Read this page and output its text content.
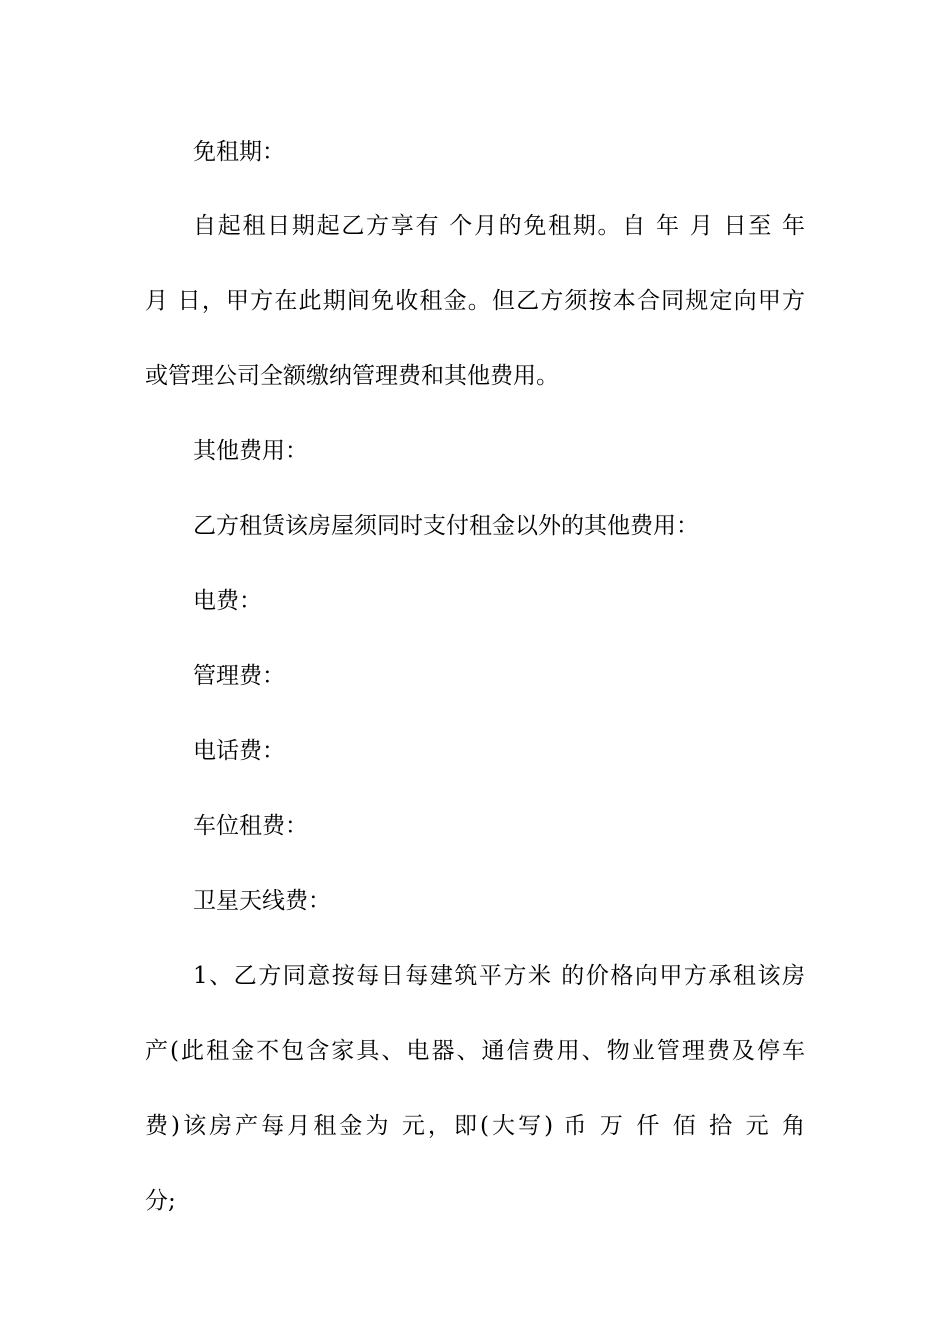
免租期：
自起租日期起乙方享有 个月的免租期。自 年 月 日至 年
月 日，甲方在此期间免收租金。但乙方须按本合同规定向甲方
或管理公司全额缴纳管理费和其他费用。
其他费用：
乙方租赁该房屋须同时支付租金以外的其他费用：
电费：
管理费：
电话费：
车位租费：
卫星天线费：
1、乙方同意按每日每建筑平方米 的价格向甲方承租该房
产(此租金不包含家具、电器、通信费用、物业管理费及停车
费)该房产每月租金为 元，即(大写) 币 万 仟 佰 拾 元 角
分;
